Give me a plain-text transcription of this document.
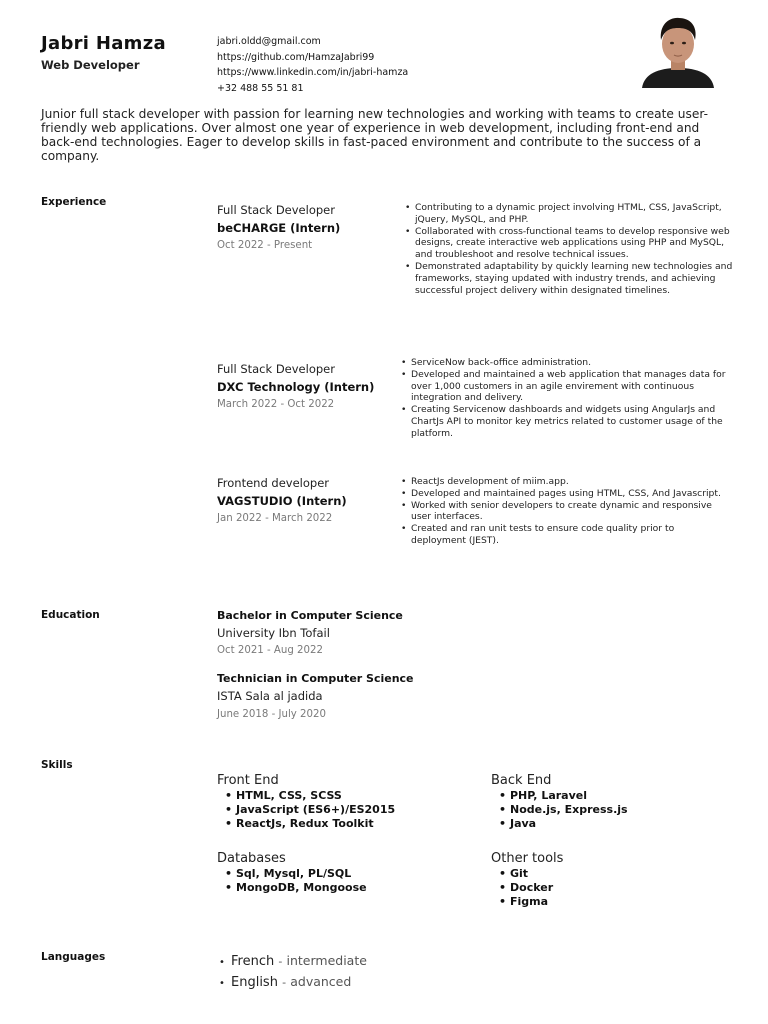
Jabri Hamza
Web Developer
jabri.oldd@gmail.com
https://github.com/HamzaJabri99
https://www.linkedin.com/in/jabri-hamza
+32 488 55 51 81
Junior full stack developer with passion for learning new technologies and working with teams to create user-friendly web applications. Over almost one year of experience in web development, including front-end and back-end technologies. Eager to develop skills in fast-paced environment and contribute to the success of a company.
Experience
Full Stack Developer
beCHARGE (Intern)
Oct 2022 - Present
• Contributing to a dynamic project involving HTML, CSS, JavaScript, jQuery, MySQL, and PHP.
• Collaborated with cross-functional teams to develop responsive web designs, create interactive web applications using PHP and MySQL, and troubleshoot and resolve technical issues.
• Demonstrated adaptability by quickly learning new technologies and frameworks, staying updated with industry trends, and achieving successful project delivery within designated timelines.
Full Stack Developer
DXC Technology (Intern)
March 2022 - Oct 2022
• ServiceNow back-office administration.
• Developed and maintained a web application that manages data for over 1,000 customers in an agile envirement with continuous integration and delivery.
• Creating Servicenow dashboards and widgets using AngularJs and ChartJs API to monitor key metrics related to customer usage of the platform.
Frontend developer
VAGSTUDIO (Intern)
Jan 2022 - March 2022
• ReactJs development of miim.app.
• Developed and maintained pages using HTML, CSS, And Javascript.
• Worked with senior developers to create dynamic and responsive user interfaces.
• Created and ran unit tests to ensure code quality prior to deployment (JEST).
Education	Bachelor in Computer Science
University Ibn Tofail
Oct 2021 - Aug 2022
Technician in Computer Science
ISTA Sala al jadida
June 2018 - July 2020
Skills
Front End
• HTML, CSS, SCSS
• JavaScript (ES6+)/ES2015
• ReactJs, Redux Toolkit
Back End
• PHP, Laravel
• Node.js, Express.js
• Java
Databases
• Sql, Mysql, PL/SQL
• MongoDB, Mongoose
Other tools
• Git
• Docker
• Figma
Languages	• French - intermediate
• English - advanced
